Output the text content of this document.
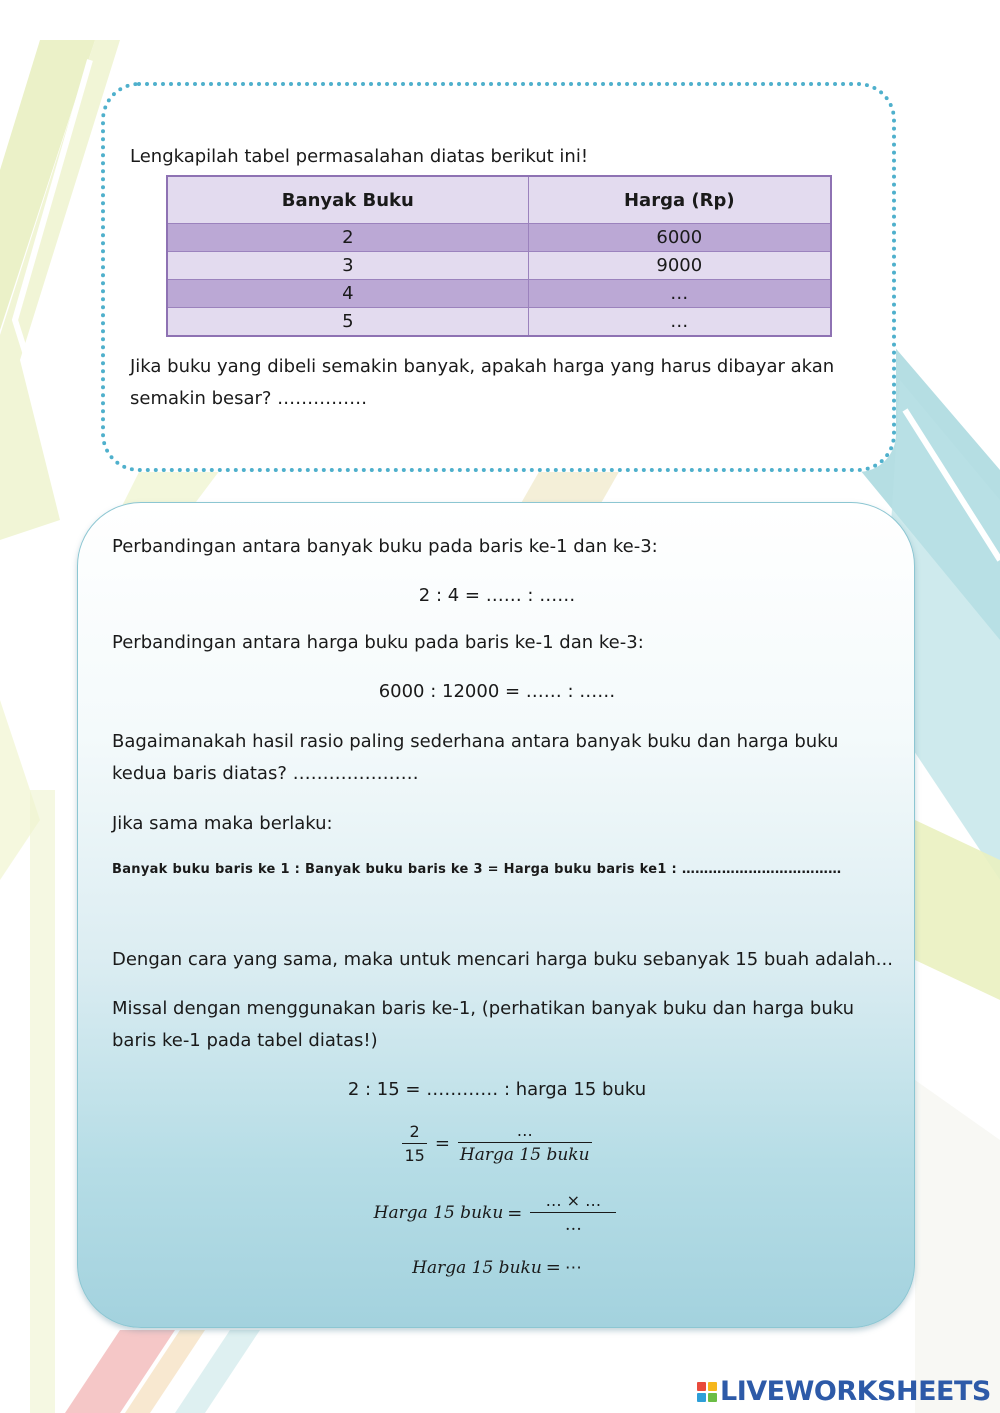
Lengkapilah tabel permasalahan diatas berikut ini!
Banyak Buku	Harga (Rp)
2	6000
3	9000
4	…
5	…
Jika buku yang dibeli semakin banyak, apakah harga yang harus dibayar akan semakin besar? ……………
Perbandingan antara banyak buku pada baris ke-1 dan ke-3:
2 : 4 = …… : ……
Perbandingan antara harga buku pada baris ke-1 dan ke-3:
6000 : 12000 = …… : ……
Bagaimanakah hasil rasio paling sederhana antara banyak buku dan harga buku kedua baris diatas? …………………
Jika sama maka berlaku:
Banyak buku baris ke 1 : Banyak buku baris ke 3 = Harga buku baris ke1 : ………………………………
Dengan cara yang sama, maka untuk mencari harga buku sebanyak 15 buah adalah...
Missal dengan menggunakan baris ke-1, (perhatikan banyak buku dan harga buku baris ke-1 pada tabel diatas!)
2 : 15 = ………… : harga 15 buku
$\frac{2}{15} = \frac{\dots}{\text{Harga 15 buku}}$
Harga 15 buku = $\frac{\dots \times \dots}{\dots}$
Harga 15 buku = ⋯
LIVEWORKSHEETS
